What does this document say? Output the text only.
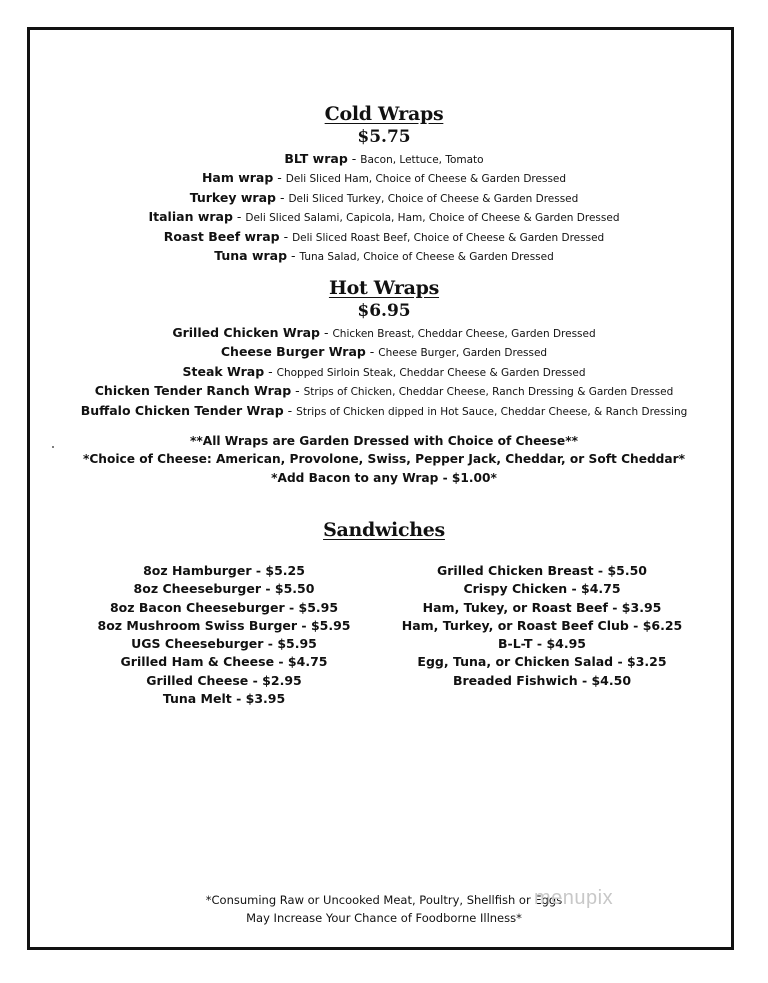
Cold Wraps
$5.75
BLT wrap - Bacon, Lettuce, Tomato
Ham wrap - Deli Sliced Ham, Choice of Cheese & Garden Dressed
Turkey wrap - Deli Sliced Turkey, Choice of Cheese & Garden Dressed
Italian wrap - Deli Sliced Salami, Capicola, Ham, Choice of Cheese & Garden Dressed
Roast Beef wrap - Deli Sliced Roast Beef, Choice of Cheese & Garden Dressed
Tuna wrap - Tuna Salad, Choice of Cheese & Garden Dressed
Hot Wraps
$6.95
Grilled Chicken Wrap - Chicken Breast, Cheddar Cheese, Garden Dressed
Cheese Burger Wrap - Cheese Burger, Garden Dressed
Steak Wrap - Chopped Sirloin Steak, Cheddar Cheese & Garden Dressed
Chicken Tender Ranch Wrap - Strips of Chicken, Cheddar Cheese, Ranch Dressing & Garden Dressed
Buffalo Chicken Tender Wrap - Strips of Chicken dipped in Hot Sauce, Cheddar Cheese, & Ranch Dressing
**All Wraps are Garden Dressed with Choice of Cheese**
*Choice of Cheese: American, Provolone, Swiss, Pepper Jack, Cheddar, or Soft Cheddar*
*Add Bacon to any Wrap - $1.00*
Sandwiches
8oz Hamburger - $5.25
8oz Cheeseburger - $5.50
8oz Bacon Cheeseburger - $5.95
8oz Mushroom Swiss Burger - $5.95
UGS Cheeseburger - $5.95
Grilled Ham & Cheese - $4.75
Grilled Cheese - $2.95
Tuna Melt - $3.95
Grilled Chicken Breast - $5.50
Crispy Chicken - $4.75
Ham, Tukey, or Roast Beef - $3.95
Ham, Turkey, or Roast Beef Club - $6.25
B-L-T - $4.95
Egg, Tuna, or Chicken Salad - $3.25
Breaded Fishwich - $4.50
*Consuming Raw or Uncooked Meat, Poultry, Shellfish or Eggs
May Increase Your Chance of Foodborne Illness*
menupix
